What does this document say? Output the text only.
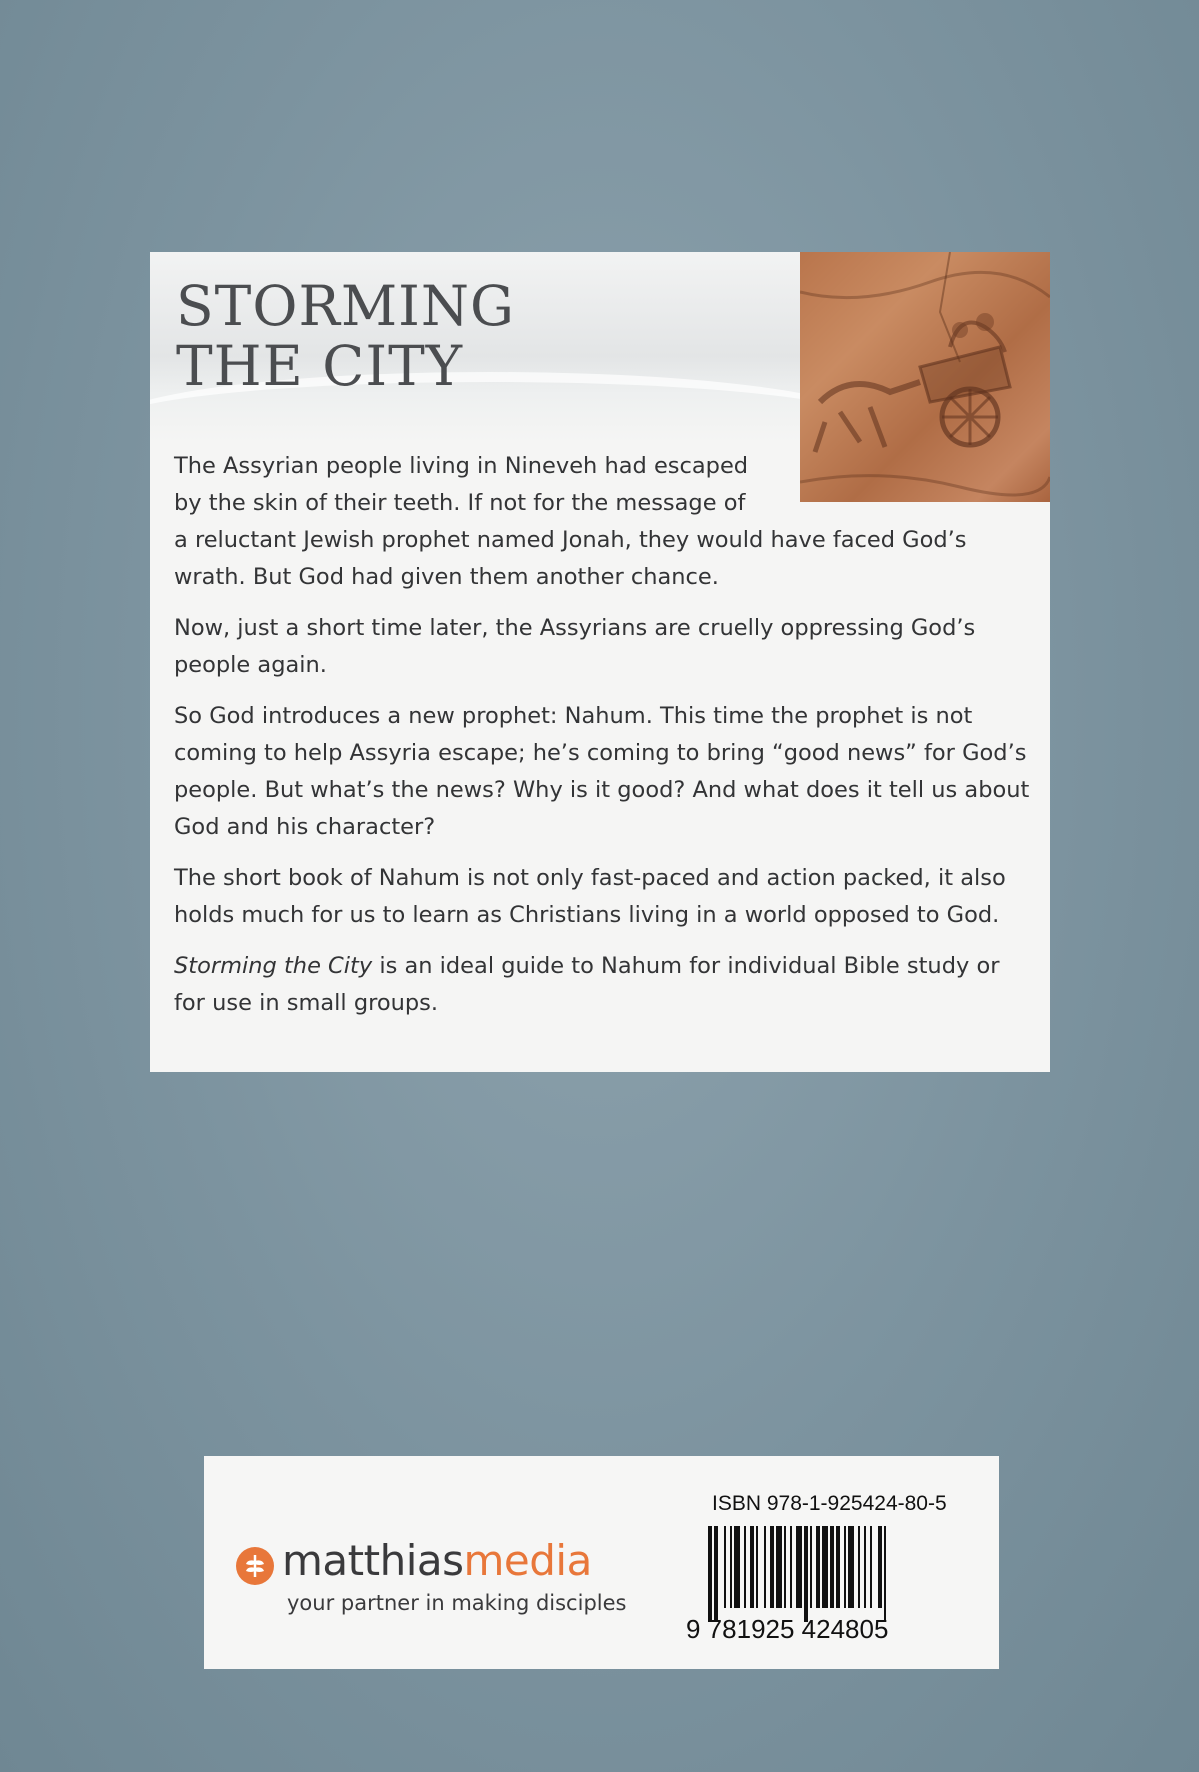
STORMING
THE CITY

The Assyrian people living in Nineveh had escaped by the skin of their teeth. If not for the message of

a reluctant Jewish prophet named Jonah, they would have faced God’s wrath. But God had given them another chance.

Now, just a short time later, the Assyrians are cruelly oppressing God’s people again.

So God introduces a new prophet: Nahum. This time the prophet is not coming to help Assyria escape; he’s coming to bring “good news” for God’s people. But what’s the news? Why is it good? And what does it tell us about God and his character?

The short book of Nahum is not only fast-paced and action packed, it also holds much for us to learn as Christians living in a world opposed to God.

Storming the City is an ideal guide to Nahum for individual Bible study or for use in small groups.

matthiasmedia

your partner in making disciples
ISBN 978-1-925424-80-5
9 781925 424805
